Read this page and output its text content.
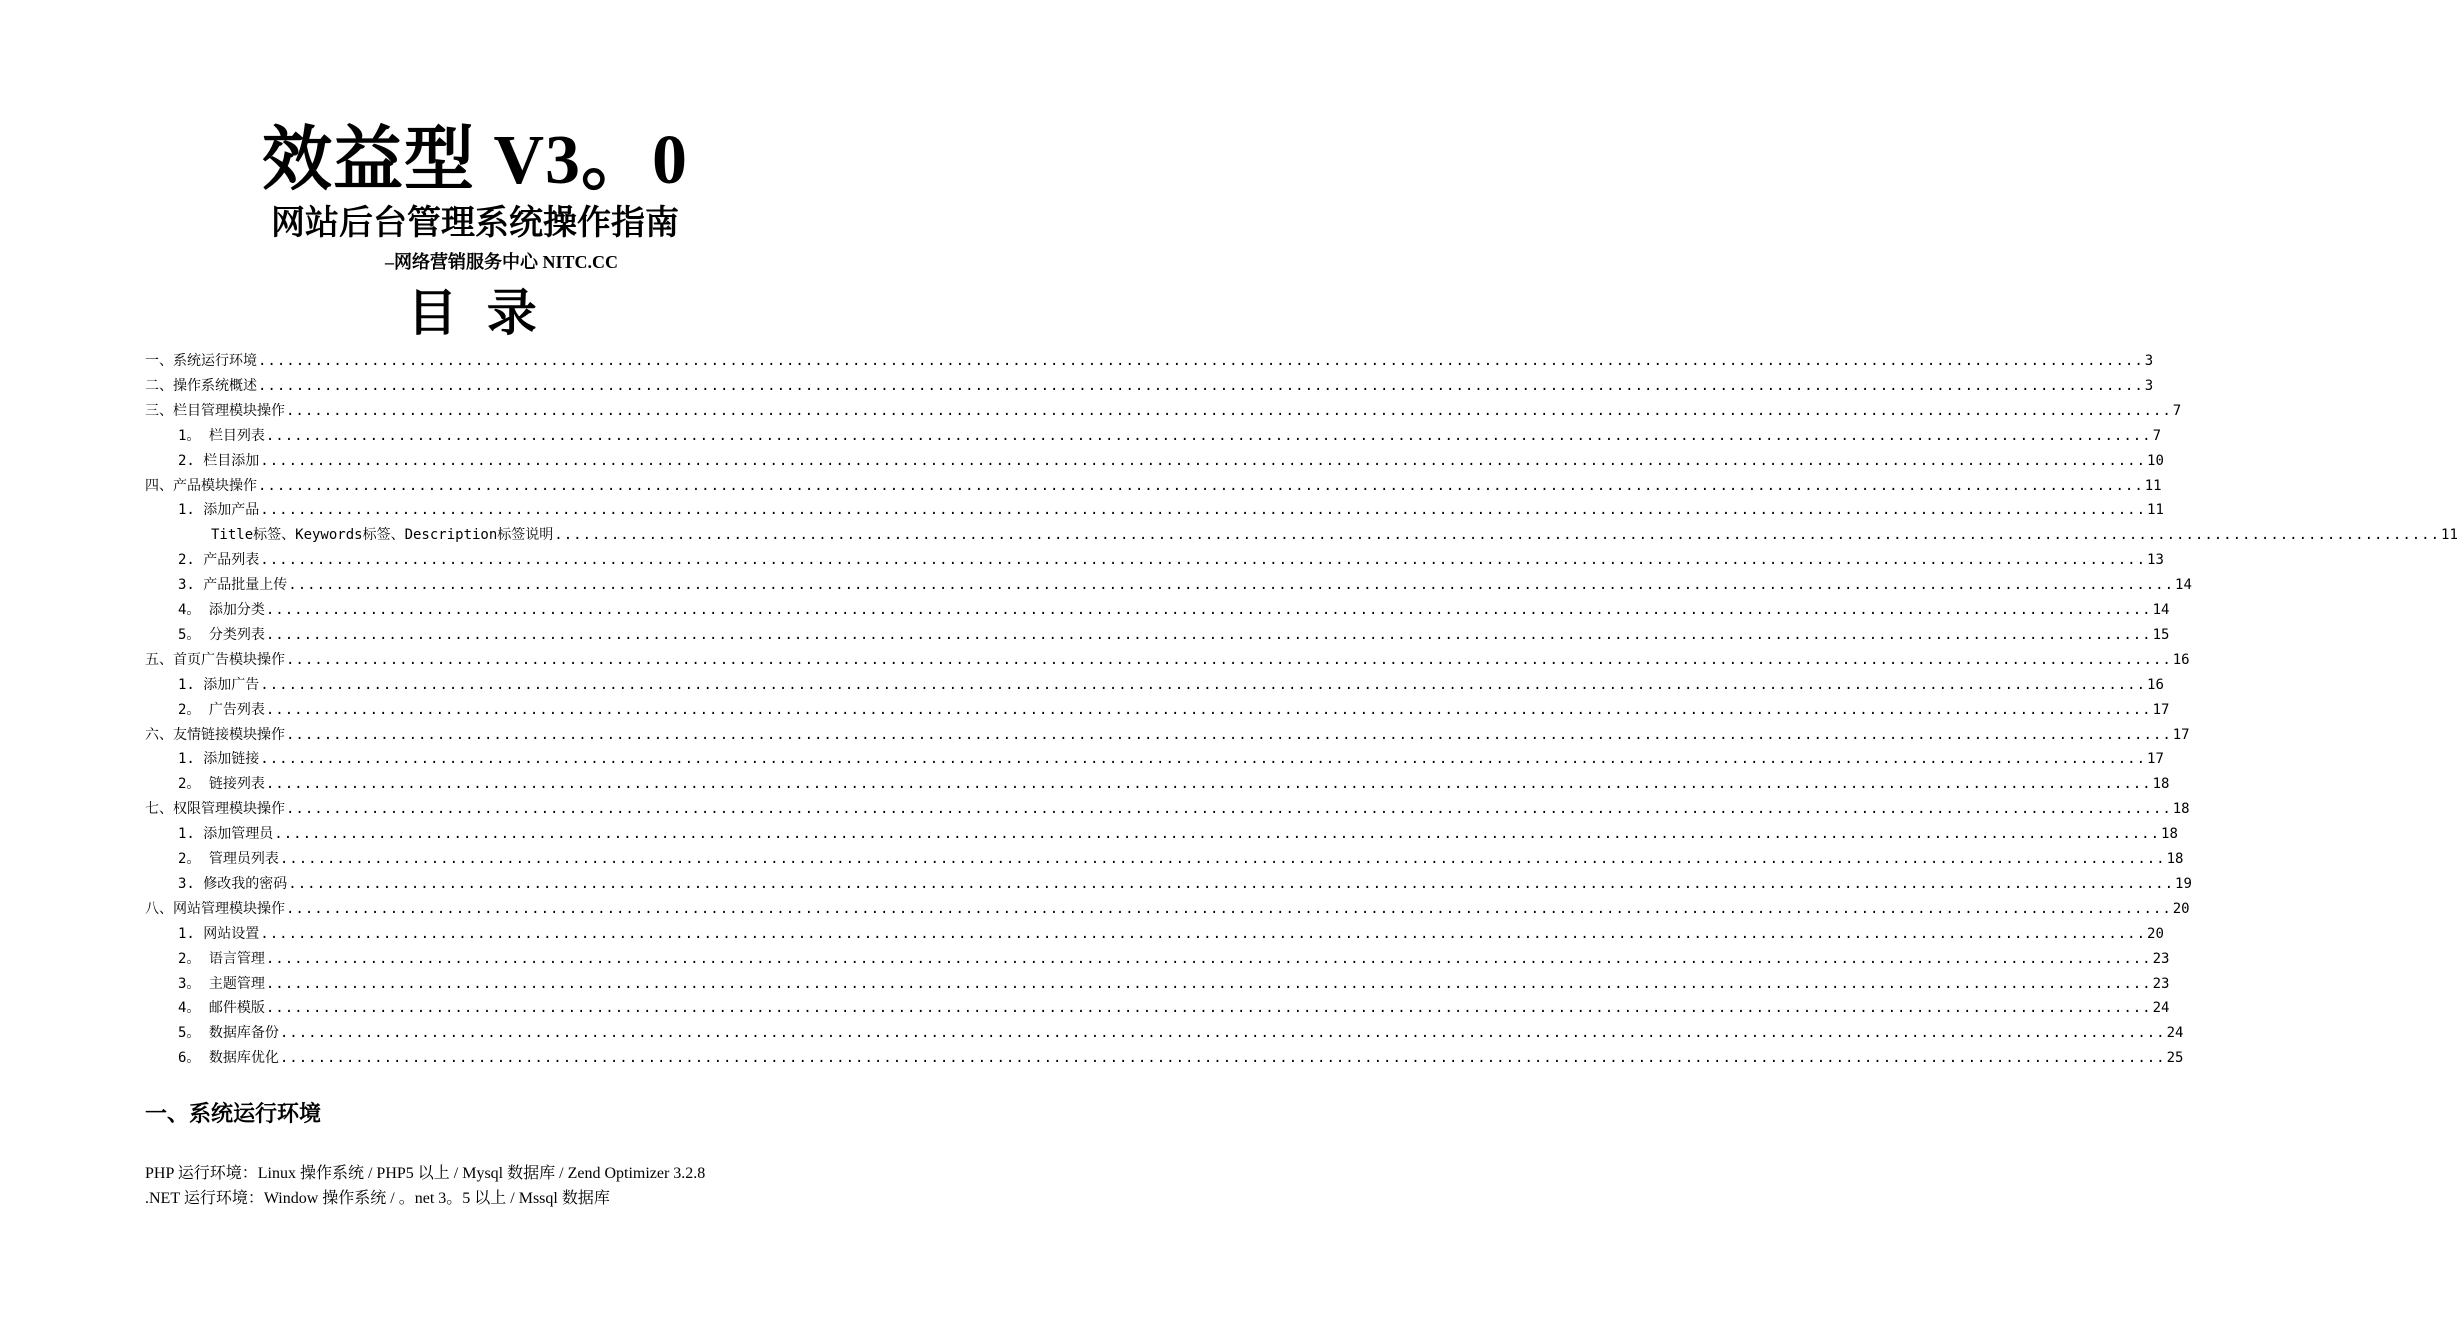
效益型 V3。0
网站后台管理系统操作指南
–网络营销服务中心 NITC.CC
目 录
一、系统运行环境 ........................................................................................................................................................................................................ 3
二、操作系统概述 ........................................................................................................................................................................................................ 3
三、栏目管理模块操作 ........................................................................................................................................................................................................ 7
1。 栏目列表 ........................................................................................................................................................................................................ 7
2. 栏目添加 ........................................................................................................................................................................................................ 10
四、产品模块操作 ........................................................................................................................................................................................................ 11
1. 添加产品 ........................................................................................................................................................................................................ 11
Title标签、Keywords标签、Description标签说明 ........................................................................................................................................................................................................ 11
2. 产品列表 ........................................................................................................................................................................................................ 13
3. 产品批量上传 ........................................................................................................................................................................................................ 14
4。 添加分类 ........................................................................................................................................................................................................ 14
5。 分类列表 ........................................................................................................................................................................................................ 15
五、首页广告模块操作 ........................................................................................................................................................................................................ 16
1. 添加广告 ........................................................................................................................................................................................................ 16
2。 广告列表 ........................................................................................................................................................................................................ 17
六、友情链接模块操作 ........................................................................................................................................................................................................ 17
1. 添加链接 ........................................................................................................................................................................................................ 17
2。 链接列表 ........................................................................................................................................................................................................ 18
七、权限管理模块操作 ........................................................................................................................................................................................................ 18
1. 添加管理员 ........................................................................................................................................................................................................ 18
2。 管理员列表 ........................................................................................................................................................................................................ 18
3. 修改我的密码 ........................................................................................................................................................................................................ 19
八、网站管理模块操作 ........................................................................................................................................................................................................ 20
1. 网站设置 ........................................................................................................................................................................................................ 20
2。 语言管理 ........................................................................................................................................................................................................ 23
3。 主题管理 ........................................................................................................................................................................................................ 23
4。 邮件模版 ........................................................................................................................................................................................................ 24
5。 数据库备份 ........................................................................................................................................................................................................ 24
6。 数据库优化 ........................................................................................................................................................................................................ 25
一、系统运行环境
PHP 运行环境：Linux 操作系统 / PHP5 以上 / Mysql 数据库 / Zend Optimizer 3.2.8
.NET 运行环境：Window 操作系统 / 。net 3。5 以上 / Mssql 数据库
